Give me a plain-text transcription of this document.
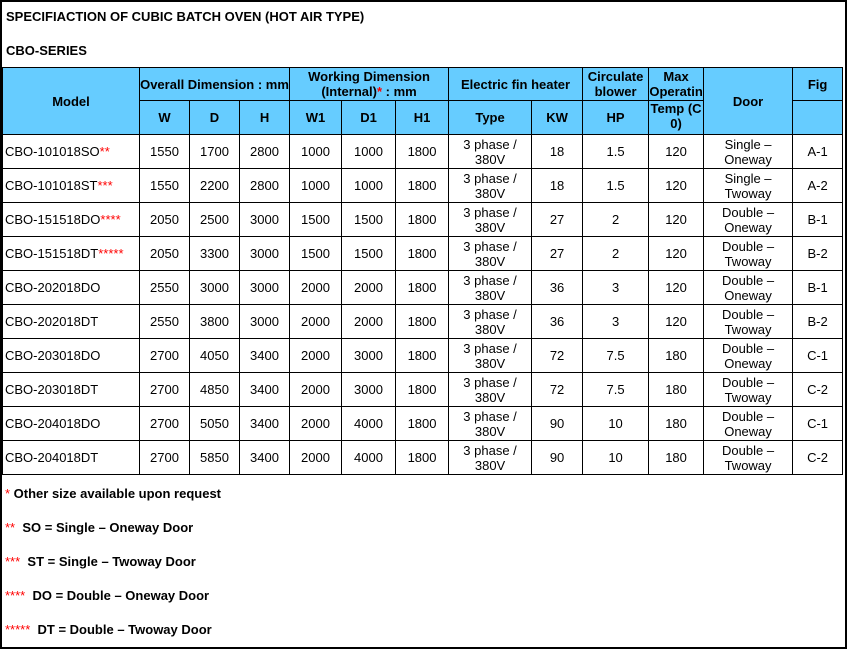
SPECIFIACTION OF CUBIC BATCH OVEN (HOT AIR TYPE)
CBO-SERIES
Model	Overall Dimension : mm			Working Dimension (Internal)* : mm			Electric fin heater		Circulate blower	Max Operatin	Door	Fig
	W	D	H	W1	D1	H1	Type	KW	HP	Temp (C 0)		
CBO-101018SO**	1550	1700	2800	1000	1000	1800	3 phase / 380V	18	1.5	120	Single – Oneway	A-1
CBO-101018ST***	1550	2200	2800	1000	1000	1800	3 phase / 380V	18	1.5	120	Single – Twoway	A-2
CBO-151518DO****	2050	2500	3000	1500	1500	1800	3 phase / 380V	27	2	120	Double – Oneway	B-1
CBO-151518DT*****	2050	3300	3000	1500	1500	1800	3 phase / 380V	27	2	120	Double – Twoway	B-2
CBO-202018DO	2550	3000	3000	2000	2000	1800	3 phase / 380V	36	3	120	Double – Oneway	B-1
CBO-202018DT	2550	3800	3000	2000	2000	1800	3 phase / 380V	36	3	120	Double – Twoway	B-2
CBO-203018DO	2700	4050	3400	2000	3000	1800	3 phase / 380V	72	7.5	180	Double – Oneway	C-1
CBO-203018DT	2700	4850	3400	2000	3000	1800	3 phase / 380V	72	7.5	180	Double – Twoway	C-2
CBO-204018DO	2700	5050	3400	2000	4000	1800	3 phase / 380V	90	10	180	Double – Oneway	C-1
CBO-204018DT	2700	5850	3400	2000	4000	1800	3 phase / 380V	90	10	180	Double – Twoway	C-2
* Other size available upon request
**  SO = Single – Oneway Door
***  ST = Single – Twoway Door
****  DO = Double – Oneway Door
*****  DT = Double – Twoway Door
